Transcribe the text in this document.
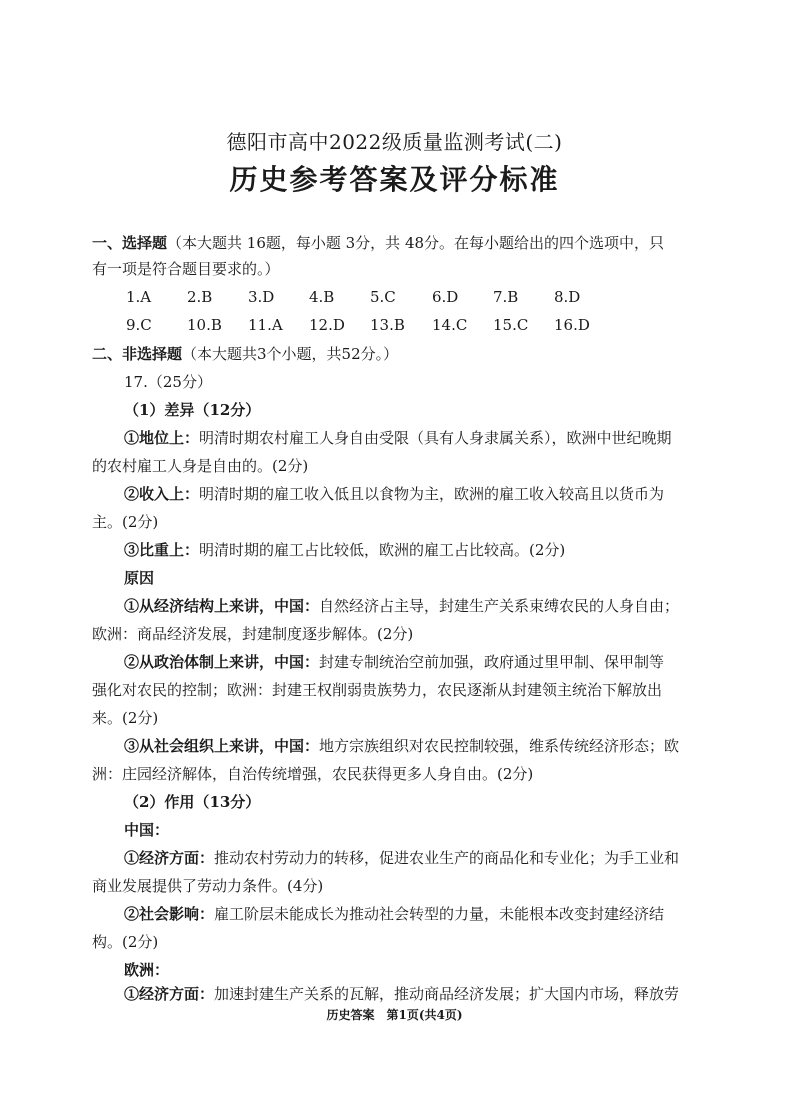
德阳市高中2022级质量监测考试(二)
历史参考答案及评分标准
一、选择题（本大题共 16题，每小题 3分，共 48分。在每小题给出的四个选项中，只
有一项是符合题目要求的。）
1.A 2.B 3.D 4.B 5.C 6.D 7.B 8.D
9.C 10.B 11.A 12.D 13.B 14.C 15.C 16.D
二、非选择题（本大题共3个小题，共52分。）
17.（25分）
（1）差异（12分）
①地位上：明清时期农村雇工人身自由受限（具有人身隶属关系），欧洲中世纪晚期
的农村雇工人身是自由的。(2分)
②收入上：明清时期的雇工收入低且以食物为主，欧洲的雇工收入较高且以货币为
主。(2分)
③比重上：明清时期的雇工占比较低，欧洲的雇工占比较高。(2分)
原因
①从经济结构上来讲，中国：自然经济占主导，封建生产关系束缚农民的人身自由；
欧洲：商品经济发展，封建制度逐步解体。(2分)
②从政治体制上来讲，中国：封建专制统治空前加强，政府通过里甲制、保甲制等
强化对农民的控制；欧洲：封建王权削弱贵族势力，农民逐渐从封建领主统治下解放出
来。(2分)
③从社会组织上来讲，中国：地方宗族组织对农民控制较强，维系传统经济形态；欧
洲：庄园经济解体，自治传统增强，农民获得更多人身自由。(2分)
（2）作用（13分）
中国：
①经济方面：推动农村劳动力的转移，促进农业生产的商品化和专业化；为手工业和
商业发展提供了劳动力条件。(4分)
②社会影响：雇工阶层未能成长为推动社会转型的力量，未能根本改变封建经济结
构。(2分)
欧洲：
①经济方面：加速封建生产关系的瓦解，推动商品经济发展；扩大国内市场，释放劳
历史答案　第1页(共4页)
